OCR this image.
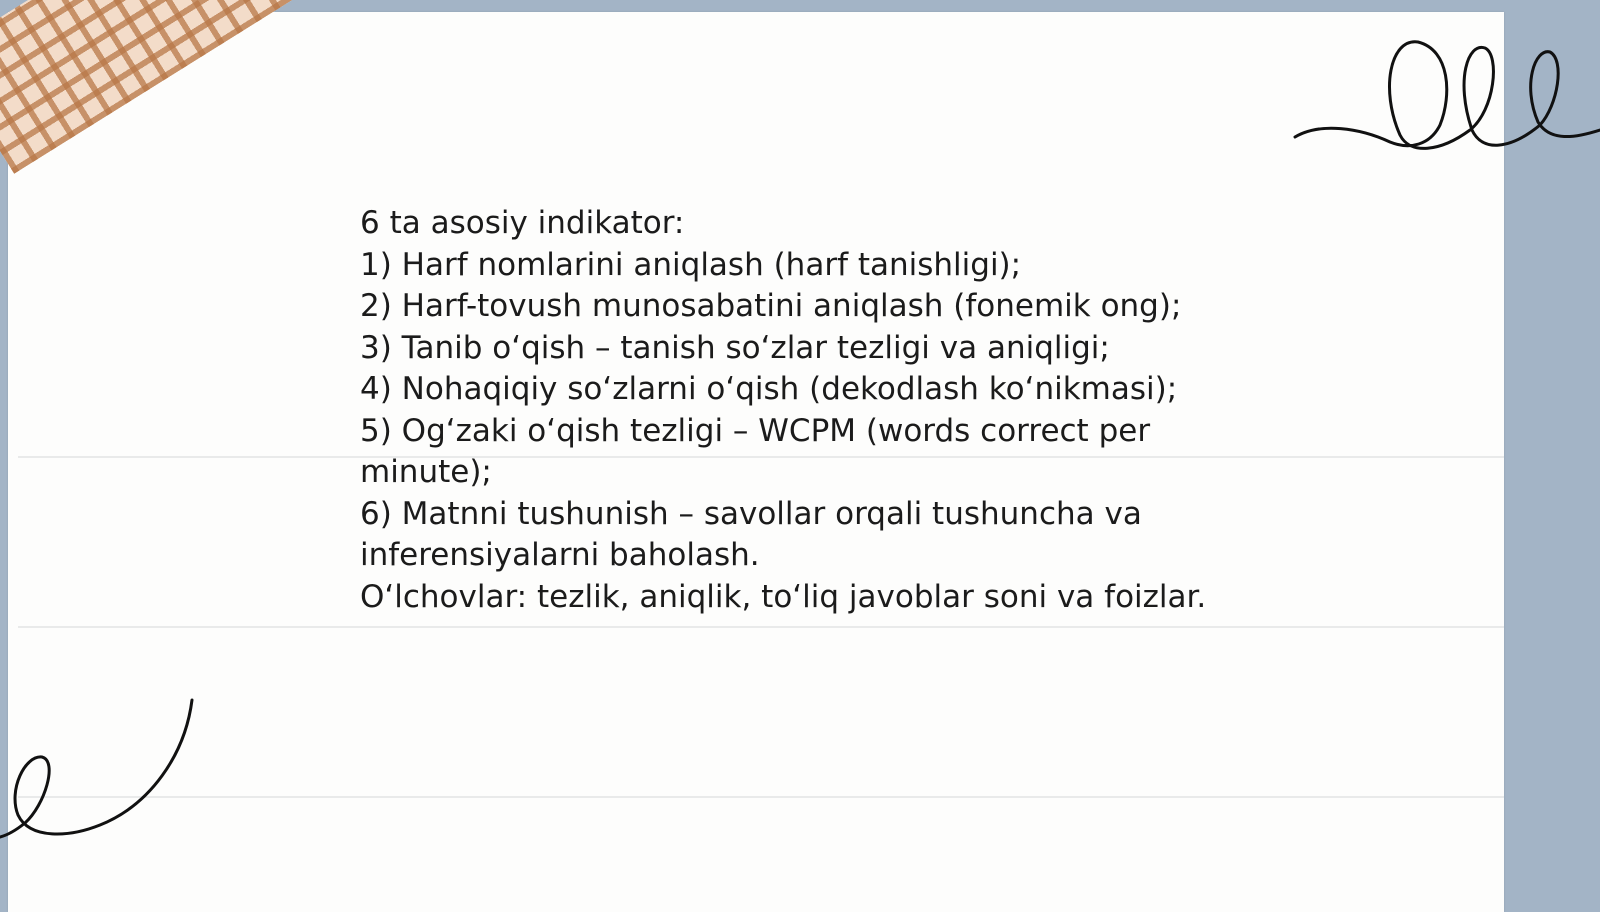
6 ta asosiy indikator:
1) Harf nomlarini aniqlash (harf tanishligi);
2) Harf-tovush munosabatini aniqlash (fonemik ong);
3) Tanib o‘qish – tanish so‘zlar tezligi va aniqligi;
4) Nohaqiqiy so‘zlarni o‘qish (dekodlash ko‘nikmasi);
5) Og‘zaki o‘qish tezligi – WCPM (words correct per
minute);
6) Matnni tushunish – savollar orqali tushuncha va
inferensiyalarni baholash.
O‘lchovlar: tezlik, aniqlik, to‘liq javoblar soni va foizlar.
